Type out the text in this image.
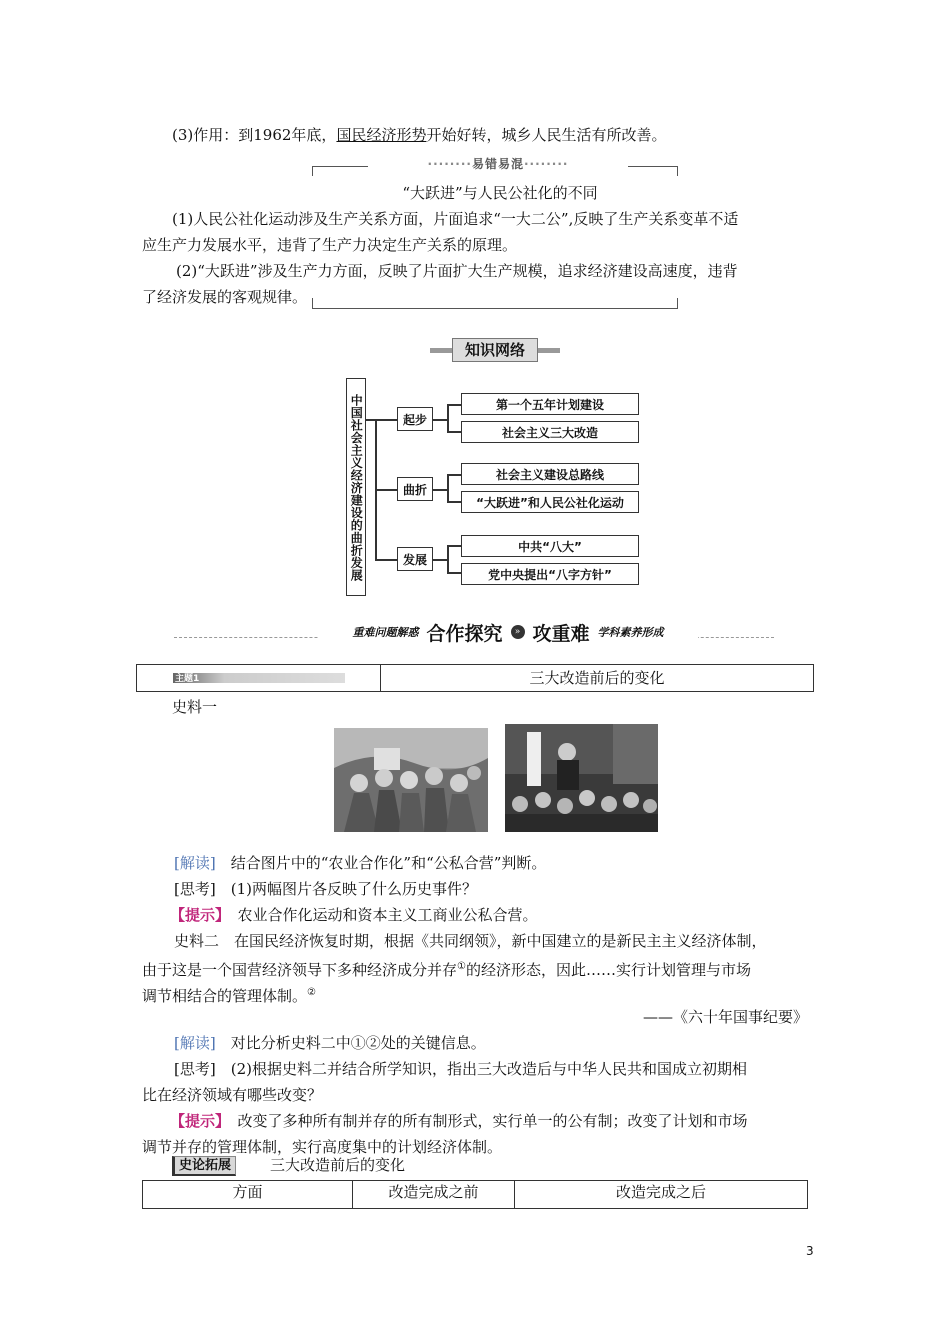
(3)作用：到1962年底，国民经济形势开始好转，城乡人民生活有所改善。
········易错易混········
“大跃进”与人民公社化的不同
(1)人民公社化运动涉及生产关系方面，片面追求“一大二公”,反映了生产关系变革不适
应生产力发展水平，违背了生产力决定生产关系的原理。
(2)“大跃进”涉及生产力方面，反映了片面扩大生产规模，追求经济建设高速度，违背
了经济发展的客观规律。
知识网络
中国社会主义经济建设的曲折发展	起步
曲折
发展
第一个五年计划建设
社会主义三大改造
社会主义建设总路线
“大跃进”和人民公社化运动
中共“八大”
党中央提出“八字方针”
重难问题解惑 合作探究	» 攻重难 学科素养形成
主题1	三大改造前后的变化
史料一
[解读]　 结合图片中的“农业合作化”和“公私合营”判断。
[思考]　 (1)两幅图片各反映了什么历史事件？
【提示】　 农业合作化运动和资本主义工商业公私合营。
史料二　在国民经济恢复时期，根据《共同纲领》，新中国建立的是新民主主义经济体制，
由于这是一个国营经济领导下多种经济成分并存①的经济形态，因此……实行计划管理与市场
调节相结合的管理体制。②
——《六十年国事纪要》
[解读]　 对比分析史料二中①②处的关键信息。
[思考]　 (2)根据史料二并结合所学知识，指出三大改造后与中华人民共和国成立初期相
比在经济领域有哪些改变？
【提示】　 改变了多种所有制并存的所有制形式，实行单一的公有制；改变了计划和市场
调节并存的管理体制，实行高度集中的计划经济体制。
史论拓展	三大改造前后的变化
方面	改造完成之前	改造完成之后
3
